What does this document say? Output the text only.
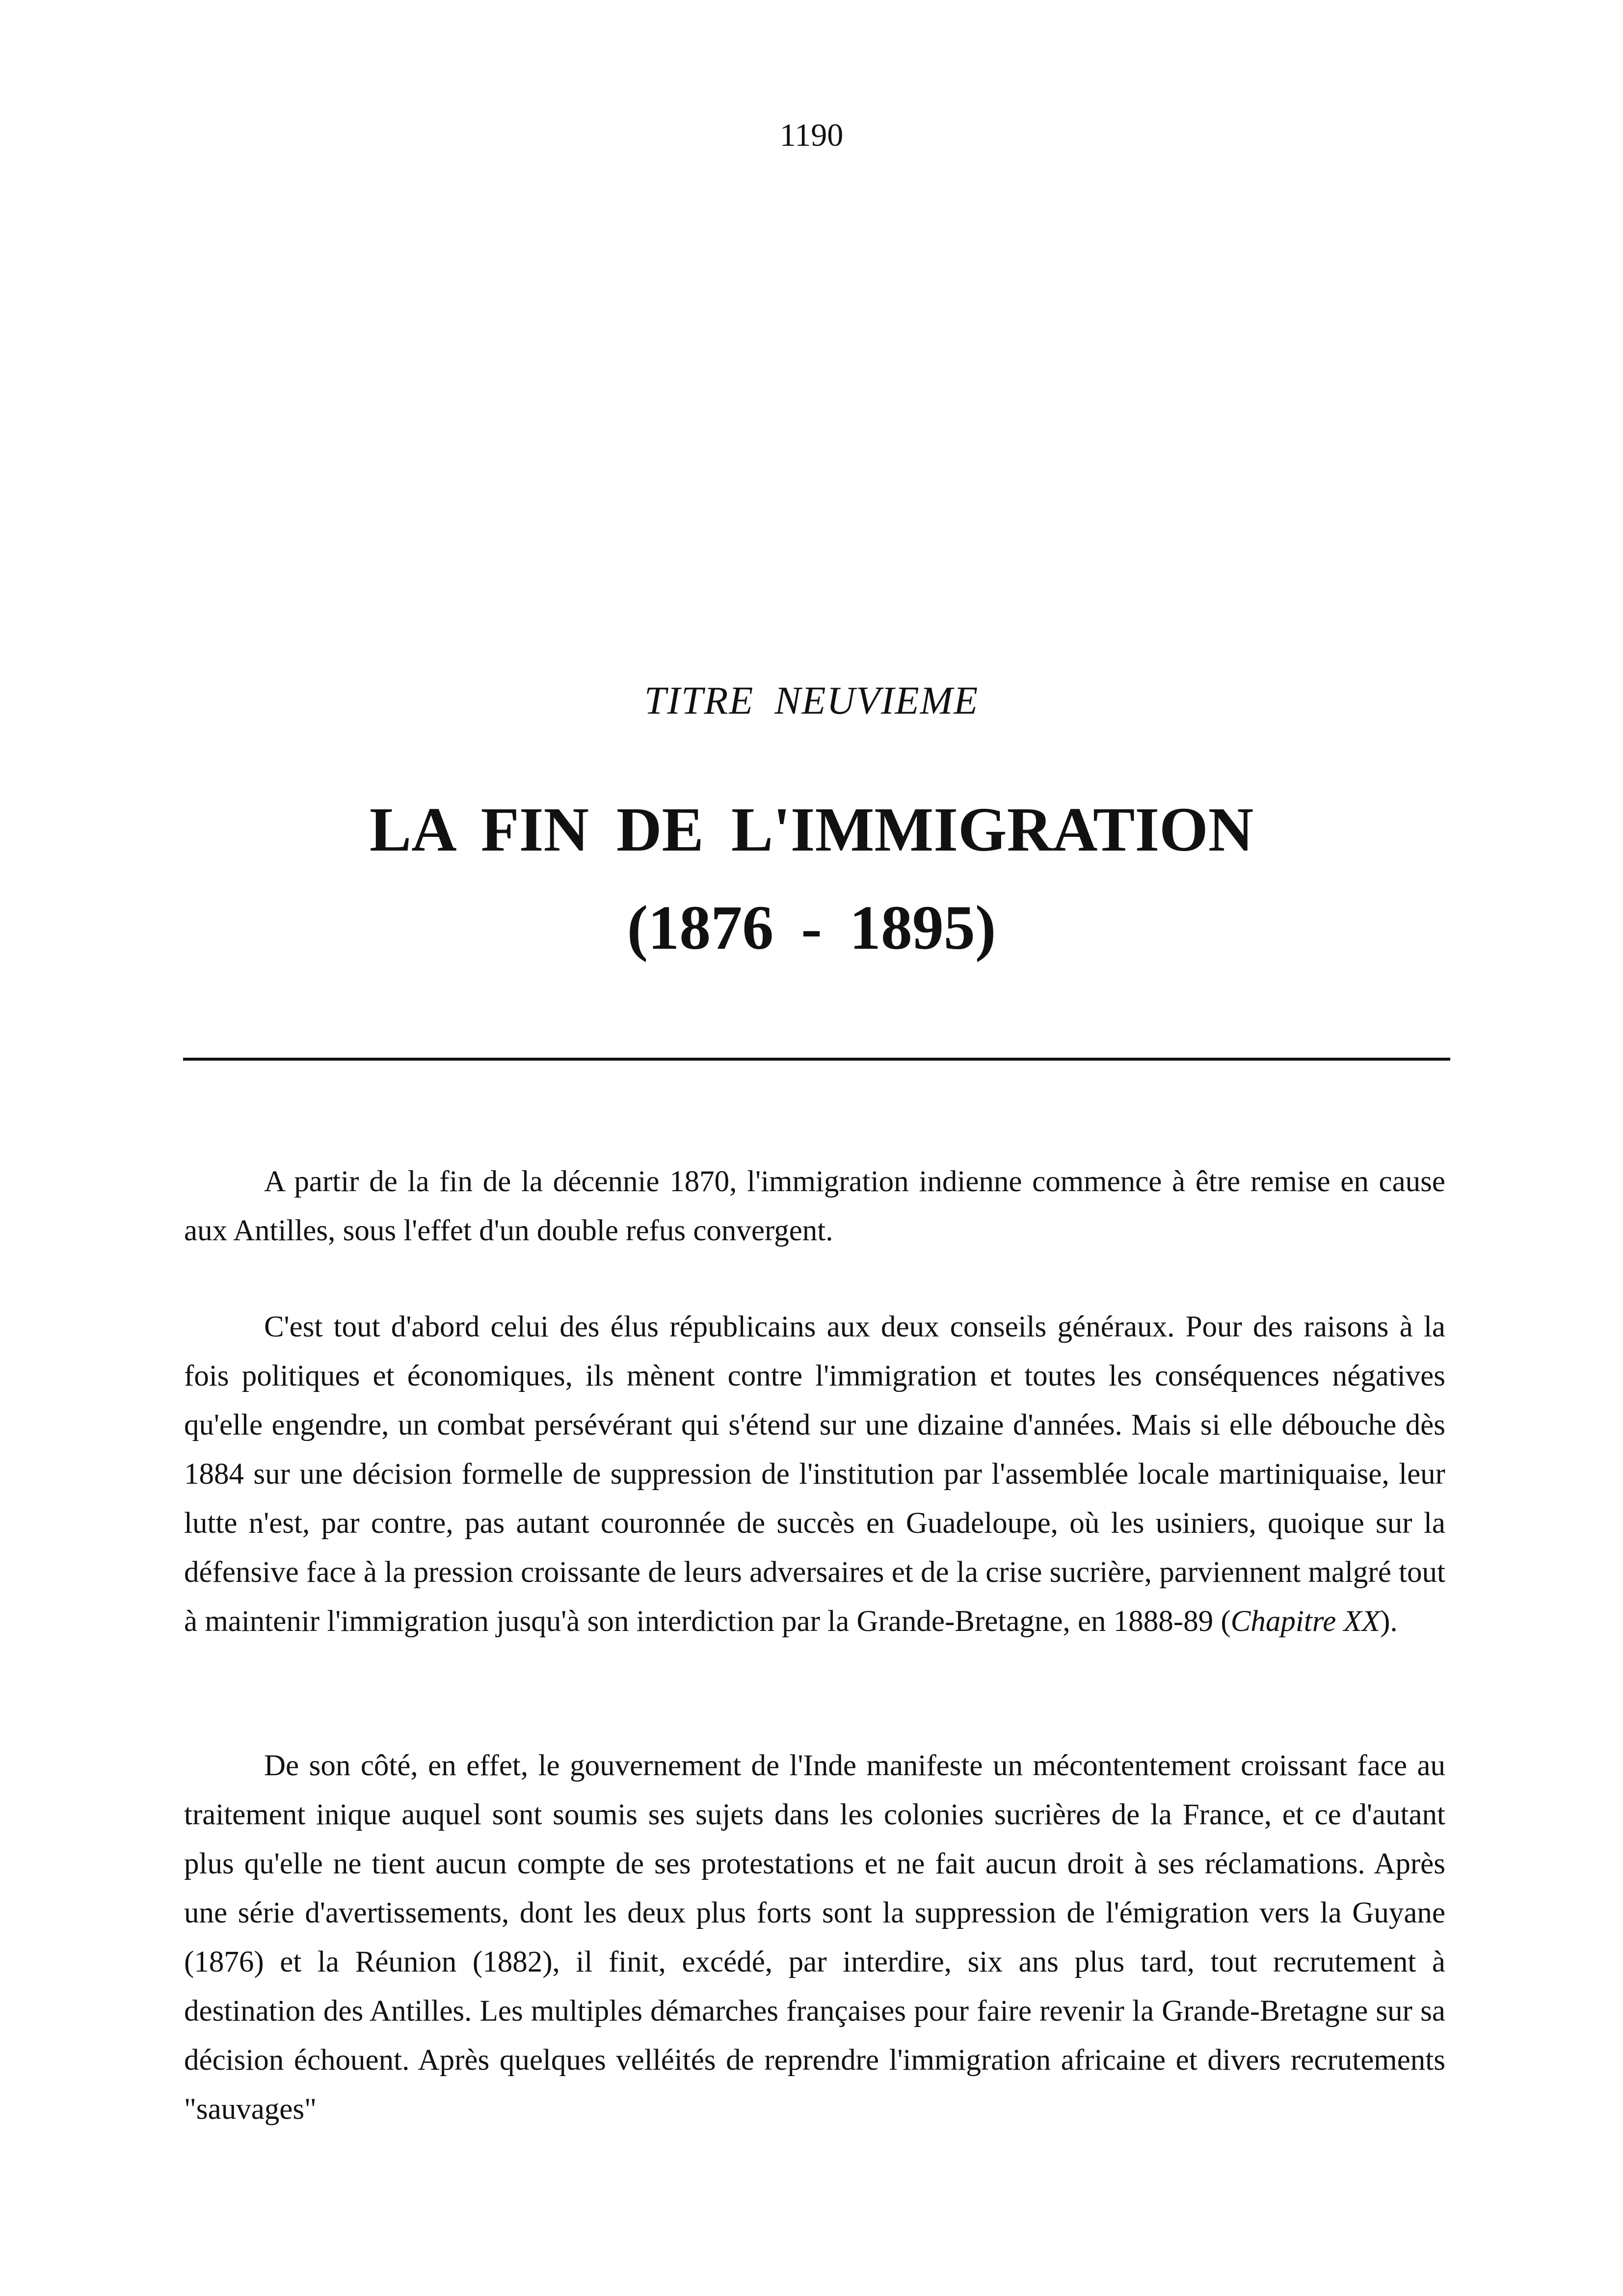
1190
TITRE NEUVIEME
LA FIN DE L'IMMIGRATION
(1876 - 1895)

A partir de la fin de la décennie 1870, l'immigration indienne commence à être remise en cause aux Antilles, sous l'effet d'un double refus convergent.

C'est tout d'abord celui des élus républicains aux deux conseils généraux. Pour des raisons à la fois politiques et économiques, ils mènent contre l'immigration et toutes les conséquences négatives qu'elle engendre, un combat persévérant qui s'étend sur une dizaine d'années. Mais si elle débouche dès 1884 sur une décision formelle de suppression de l'institution par l'assemblée locale martiniquaise, leur lutte n'est, par contre, pas autant couronnée de succès en Guadeloupe, où les usiniers, quoique sur la défensive face à la pression croissante de leurs adversaires et de la crise sucrière, parviennent malgré tout à maintenir l'immigration jusqu'à son interdiction par la Grande-Bretagne, en 1888-89 (Chapitre XX).

De son côté, en effet, le gouvernement de l'Inde manifeste un mécontentement croissant face au traitement inique auquel sont soumis ses sujets dans les colonies sucrières de la France, et ce d'autant plus qu'elle ne tient aucun compte de ses protestations et ne fait aucun droit à ses réclamations. Après une série d'avertissements, dont les deux plus forts sont la suppression de l'émigration vers la Guyane (1876) et la Réunion (1882), il finit, excédé, par interdire, six ans plus tard, tout recrutement à destination des Antilles. Les multiples démarches françaises pour faire revenir la Grande-Bretagne sur sa décision échouent. Après quelques velléités de reprendre l'immigration africaine et divers recrutements "sauvages"
